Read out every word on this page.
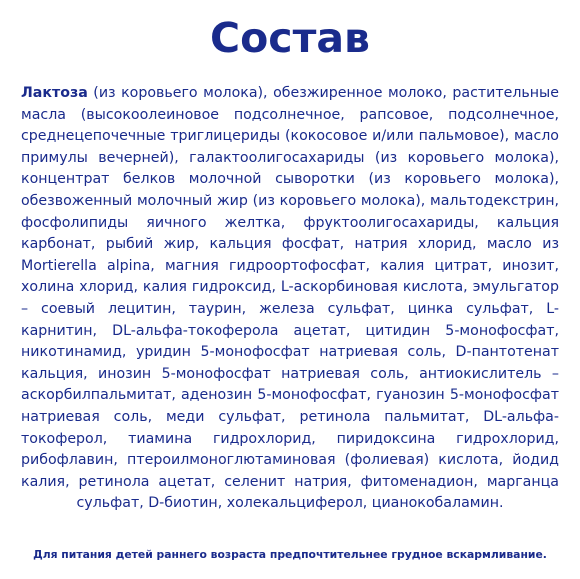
Состав

Лактоза (из коровьего молока), обезжиренное молоко, растительные масла (высокоолеиновое подсолнечное, рапсовое, подсолнечное, среднецепочечные триглицериды (кокосовое и/или пальмовое), масло примулы вечерней), галактоолигосахариды (из коровьего молока), концентрат белков молочной сыворотки (из коровьего молока), обезвоженный молочный жир (из коровьего молока), мальтодекстрин, фосфолипиды яичного желтка, фруктоолигосахариды, кальция карбонат, рыбий жир, кальция фосфат, натрия хлорид, масло из Mortierella alpina, магния гидроортофосфат, калия цитрат, инозит, холина хлорид, калия гидроксид, L-аскорбиновая кислота, эмульгатор – соевый лецитин, таурин, железа сульфат, цинка сульфат, L-карнитин, DL-альфа-токоферола ацетат, цитидин 5-монофосфат, никотинамид, уридин 5-монофосфат натриевая соль, D-пантотенат кальция, инозин 5-монофосфат натриевая соль, антиокислитель – аскорбилпальмитат, аденозин 5-монофосфат, гуанозин 5-монофосфат натриевая соль, меди сульфат, ретинола пальмитат, DL-альфа-токоферол, тиамина гидрохлорид, пиридоксина гидрохлорид, рибофлавин, птероилмоноглютаминовая (фолиевая) кислота, йодид калия, ретинола ацетат, селенит натрия, фитоменадион, марганца сульфат, D-биотин, холекальциферол, цианокобаламин.

Для питания детей раннего возраста предпочтительнее грудное вскармливание.
